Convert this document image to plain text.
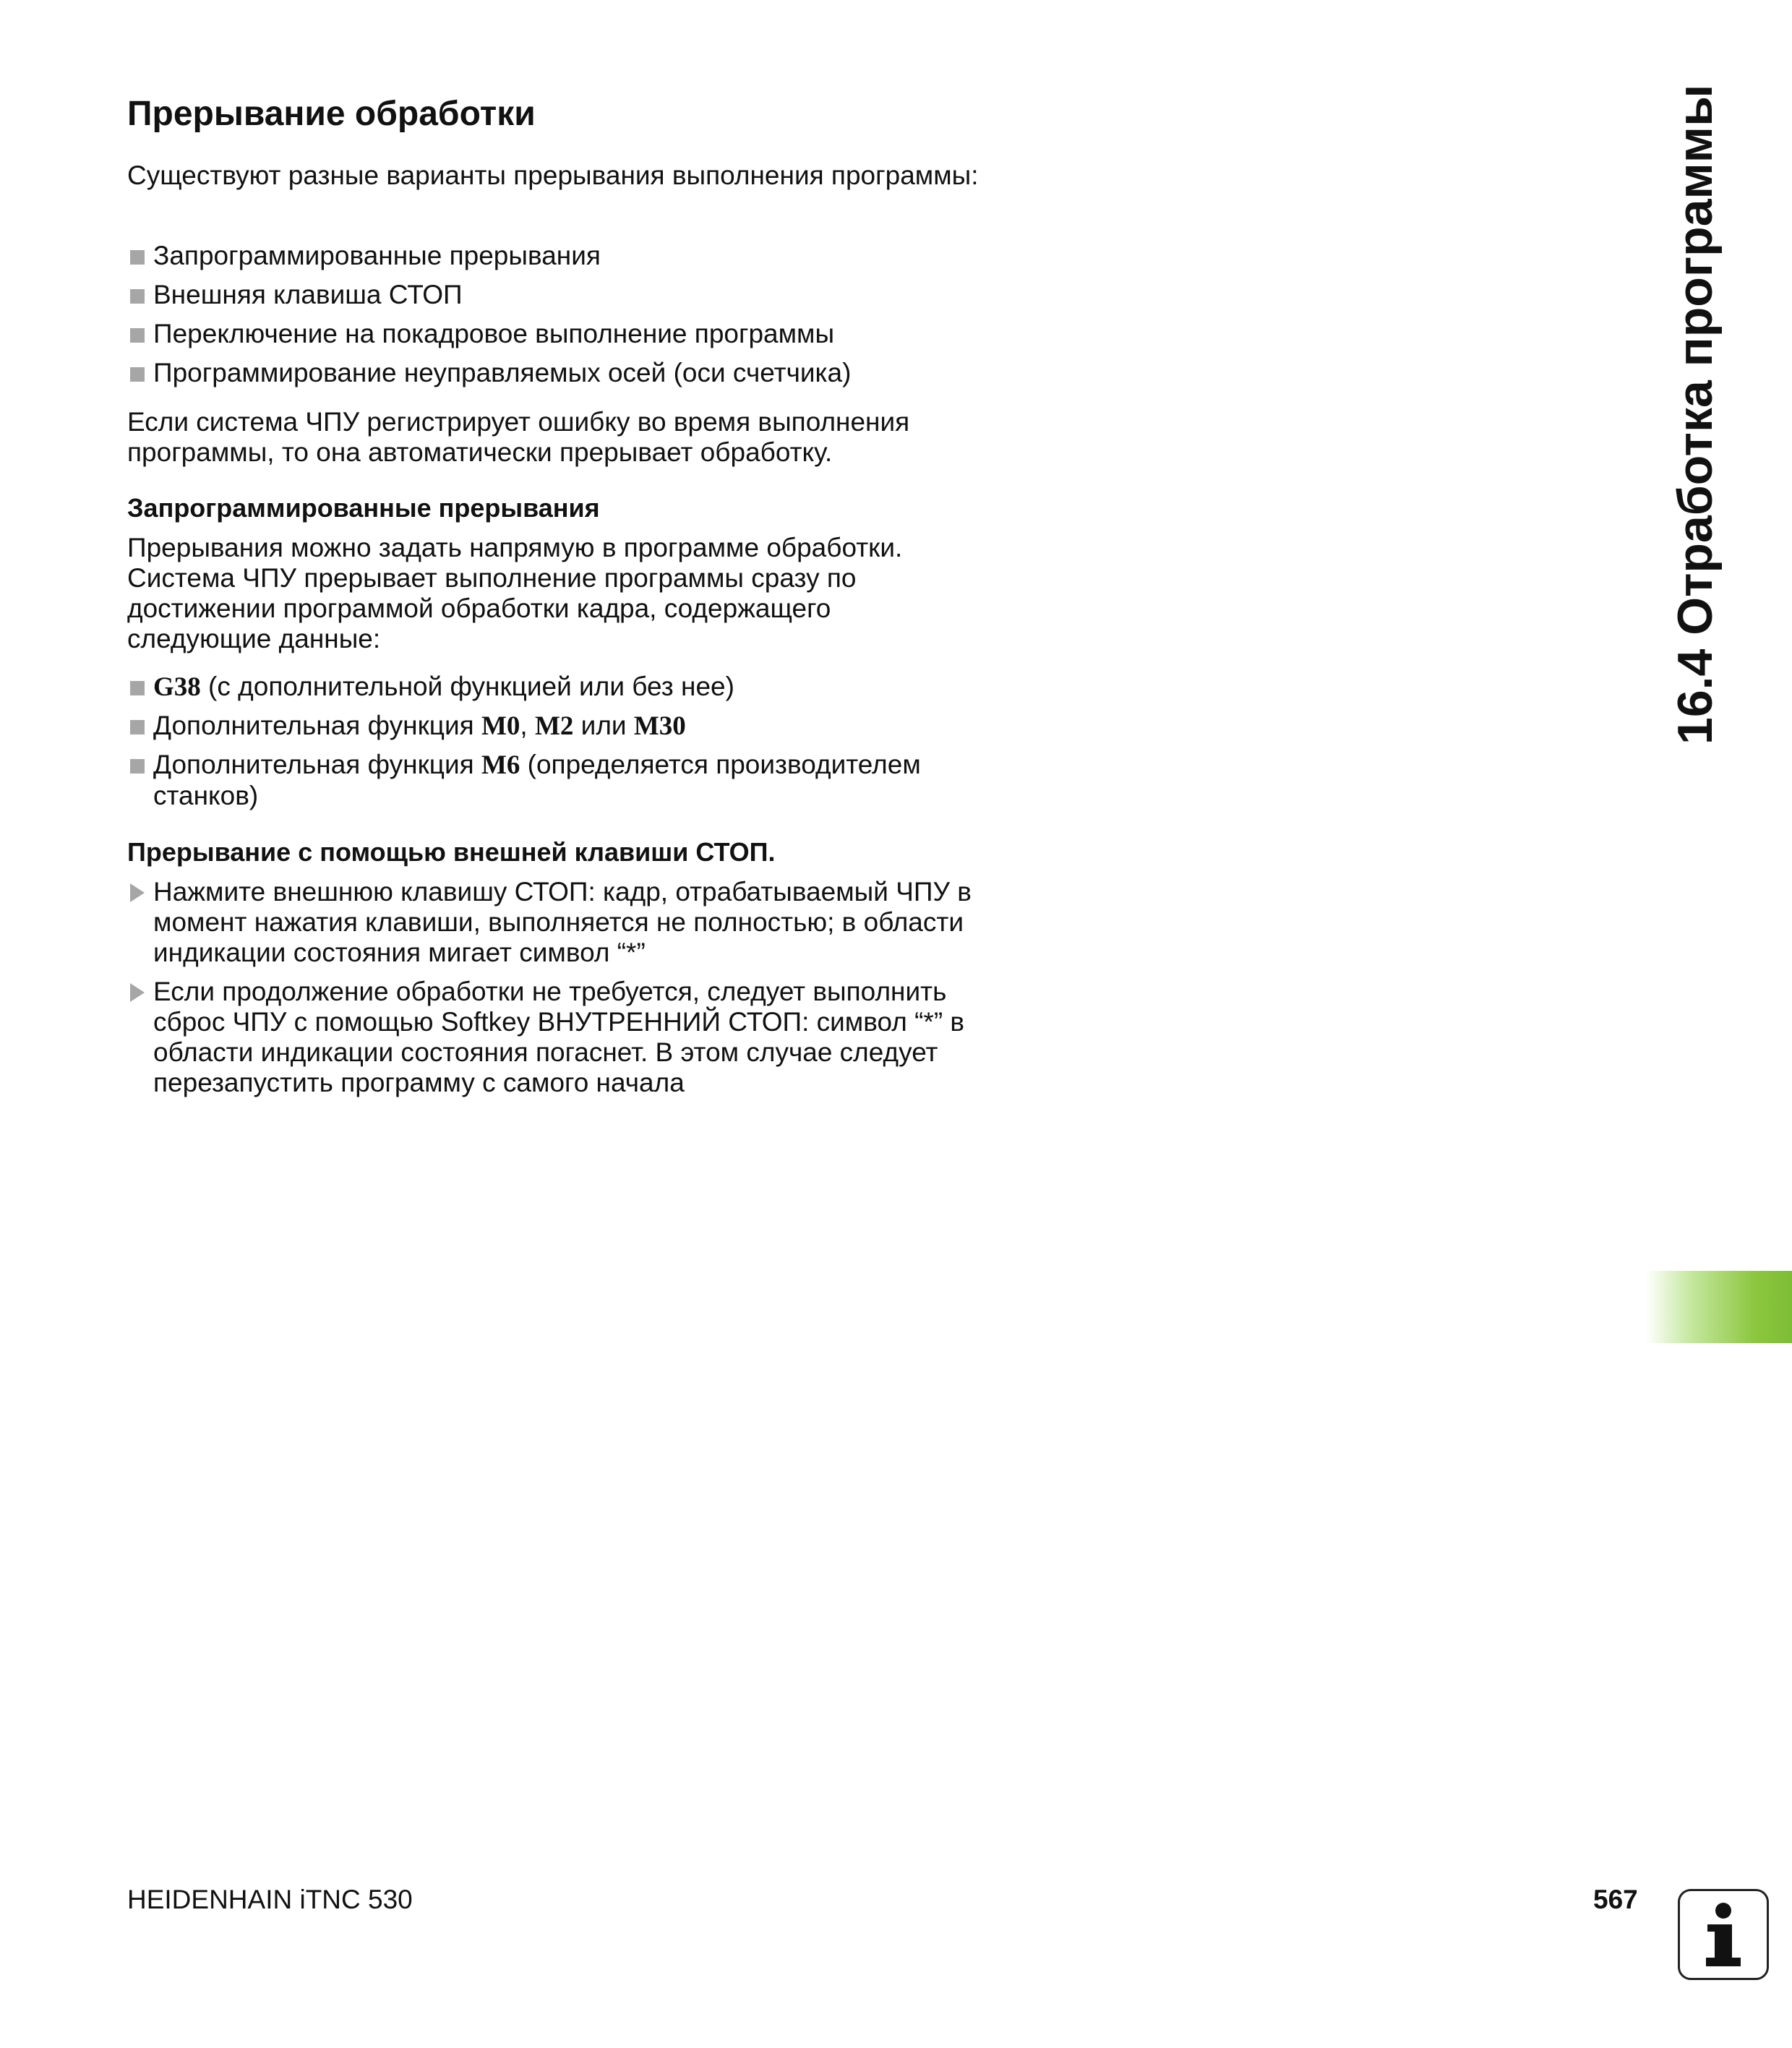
Прерывание обработки

Существуют разные варианты прерывания выполнения программы:

Запрограммированные прерывания
Внешняя клавиша СТОП
Переключение на покадровое выполнение программы
Программирование неуправляемых осей (оси счетчика)

Если система ЧПУ регистрирует ошибку во время выполнения программы, то она автоматически прерывает обработку.

Запрограммированные прерывания

Прерывания можно задать напрямую в программе обработки. Система ЧПУ прерывает выполнение программы сразу по достижении программой обработки кадра, содержащего следующие данные:

G38 (с дополнительной функцией или без нее)
Дополнительная функция M0, M2 или M30
Дополнительная функция M6 (определяется производителем станков)
Прерывание с помощью внешней клавиши СТОП.
Нажмите внешнюю клавишу СТОП: кадр, отрабатываемый ЧПУ в момент нажатия клавиши, выполняется не полностью; в области индикации состояния мигает символ “*”
Если продолжение обработки не требуется, следует выполнить сброс ЧПУ с помощью Softkey ВНУТРЕННИЙ СТОП: символ “*” в области индикации состояния погаснет. В этом случае следует перезапустить программу с самого начала
16.4 Отработка программы
HEIDENHAIN iTNC 530	567
